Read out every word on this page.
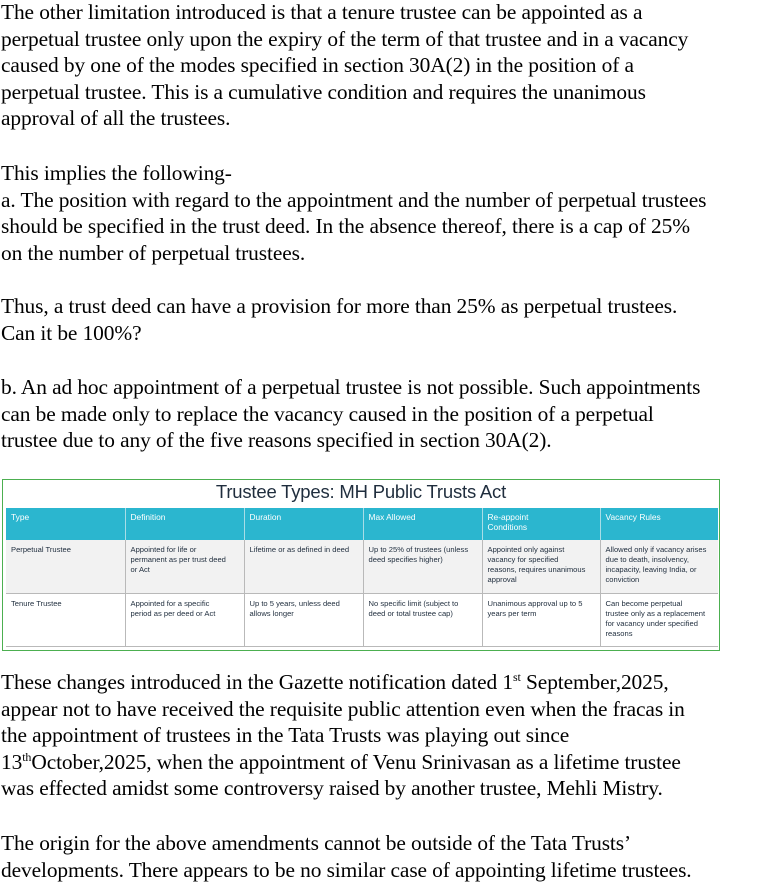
The other limitation introduced is that a tenure trustee can be appointed as a
perpetual trustee only upon the expiry of the term of that trustee and in a vacancy
caused by one of the modes specified in section 30A(2) in the position of a
perpetual trustee. This is a cumulative condition and requires the unanimous
approval of all the trustees.

This implies the following-
a. The position with regard to the appointment and the number of perpetual trustees
should be specified in the trust deed. In the absence thereof, there is a cap of 25%
on the number of perpetual trustees.

Thus, a trust deed can have a provision for more than 25% as perpetual trustees.
Can it be 100%?

b. An ad hoc appointment of a perpetual trustee is not possible. Such appointments
can be made only to replace the vacancy caused in the position of a perpetual
trustee due to any of the five reasons specified in section 30A(2).

Trustee Types: MH Public Trusts Act
Type	Definition	Duration	Max Allowed	Re-appoint
Conditions	Vacancy Rules
Perpetual Trustee	Appointed for life or
permanent as per trust deed
or Act	Lifetime or as defined in deed	Up to 25% of trustees (unless
deed specifies higher)	Appointed only against
vacancy for specified
reasons, requires unanimous
approval	Allowed only if vacancy arises
due to death, insolvency,
incapacity, leaving India, or
conviction
Tenure Trustee	Appointed for a specific
period as per deed or Act	Up to 5 years, unless deed
allows longer	No specific limit (subject to
deed or total trustee cap)	Unanimous approval up to 5
years per term	Can become perpetual
trustee only as a replacement
for vacancy under specified
reasons

These changes introduced in the Gazette notification dated 1st September,2025,
appear not to have received the requisite public attention even when the fracas in
the appointment of trustees in the Tata Trusts was playing out since
13thOctober,2025, when the appointment of Venu Srinivasan as a lifetime trustee
was effected amidst some controversy raised by another trustee, Mehli Mistry.

The origin for the above amendments cannot be outside of the Tata Trusts’
developments. There appears to be no similar case of appointing lifetime trustees.
